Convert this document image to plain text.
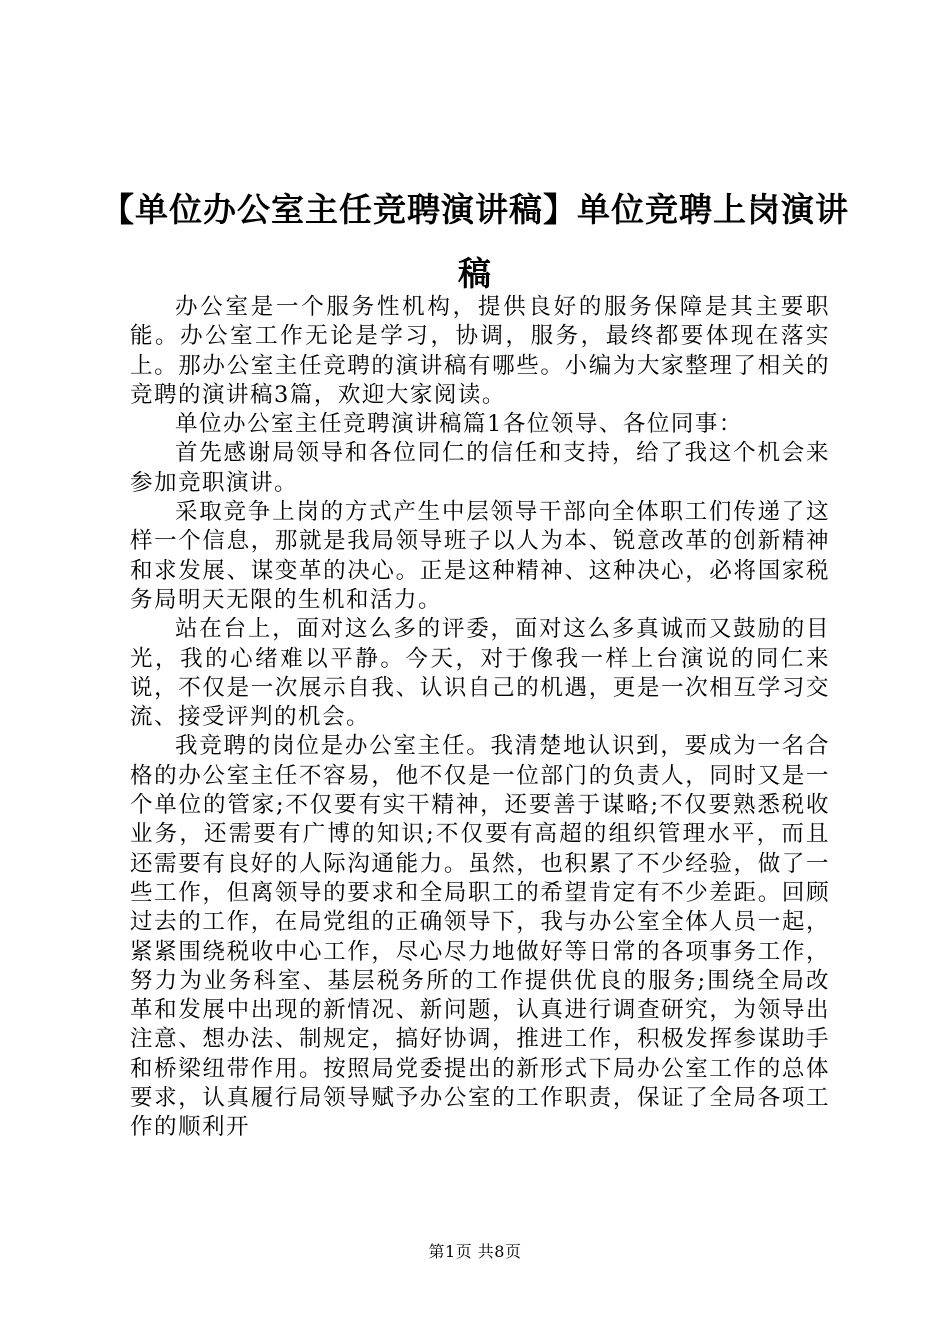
【单位办公室主任竞聘演讲稿】单位竞聘上岗演讲稿

办公室是一个服务性机构，提供良好的服务保障是其主要职能。办公室工作无论是学习，协调，服务，最终都要体现在落实上。那办公室主任竞聘的演讲稿有哪些。小编为大家整理了相关的竞聘的演讲稿3篇，欢迎大家阅读。

单位办公室主任竞聘演讲稿篇1各位领导、各位同事：

首先感谢局领导和各位同仁的信任和支持，给了我这个机会来参加竞职演讲。

采取竞争上岗的方式产生中层领导干部向全体职工们传递了这样一个信息，那就是我局领导班子以人为本、锐意改革的创新精神和求发展、谋变革的决心。正是这种精神、这种决心，必将国家税务局明天无限的生机和活力。

站在台上，面对这么多的评委，面对这么多真诚而又鼓励的目光，我的心绪难以平静。今天，对于像我一样上台演说的同仁来说，不仅是一次展示自我、认识自己的机遇，更是一次相互学习交流、接受评判的机会。

我竞聘的岗位是办公室主任。我清楚地认识到，要成为一名合格的办公室主任不容易，他不仅是一位部门的负责人，同时又是一个单位的管家;不仅要有实干精神，还要善于谋略;不仅要熟悉税收业务，还需要有广博的知识;不仅要有高超的组织管理水平，而且还需要有良好的人际沟通能力。虽然，也积累了不少经验，做了一些工作，但离领导的要求和全局职工的希望肯定有不少差距。回顾过去的工作，在局党组的正确领导下，我与办公室全体人员一起，紧紧围绕税收中心工作，尽心尽力地做好等日常的各项事务工作，努力为业务科室、基层税务所的工作提供优良的服务;围绕全局改革和发展中出现的新情况、新问题，认真进行调查研究，为领导出注意、想办法、制规定，搞好协调，推进工作，积极发挥参谋助手和桥梁纽带作用。按照局党委提出的新形式下局办公室工作的总体要求，认真履行局领导赋予办公室的工作职责，保证了全局各项工作的顺利开

第1页 共8页
